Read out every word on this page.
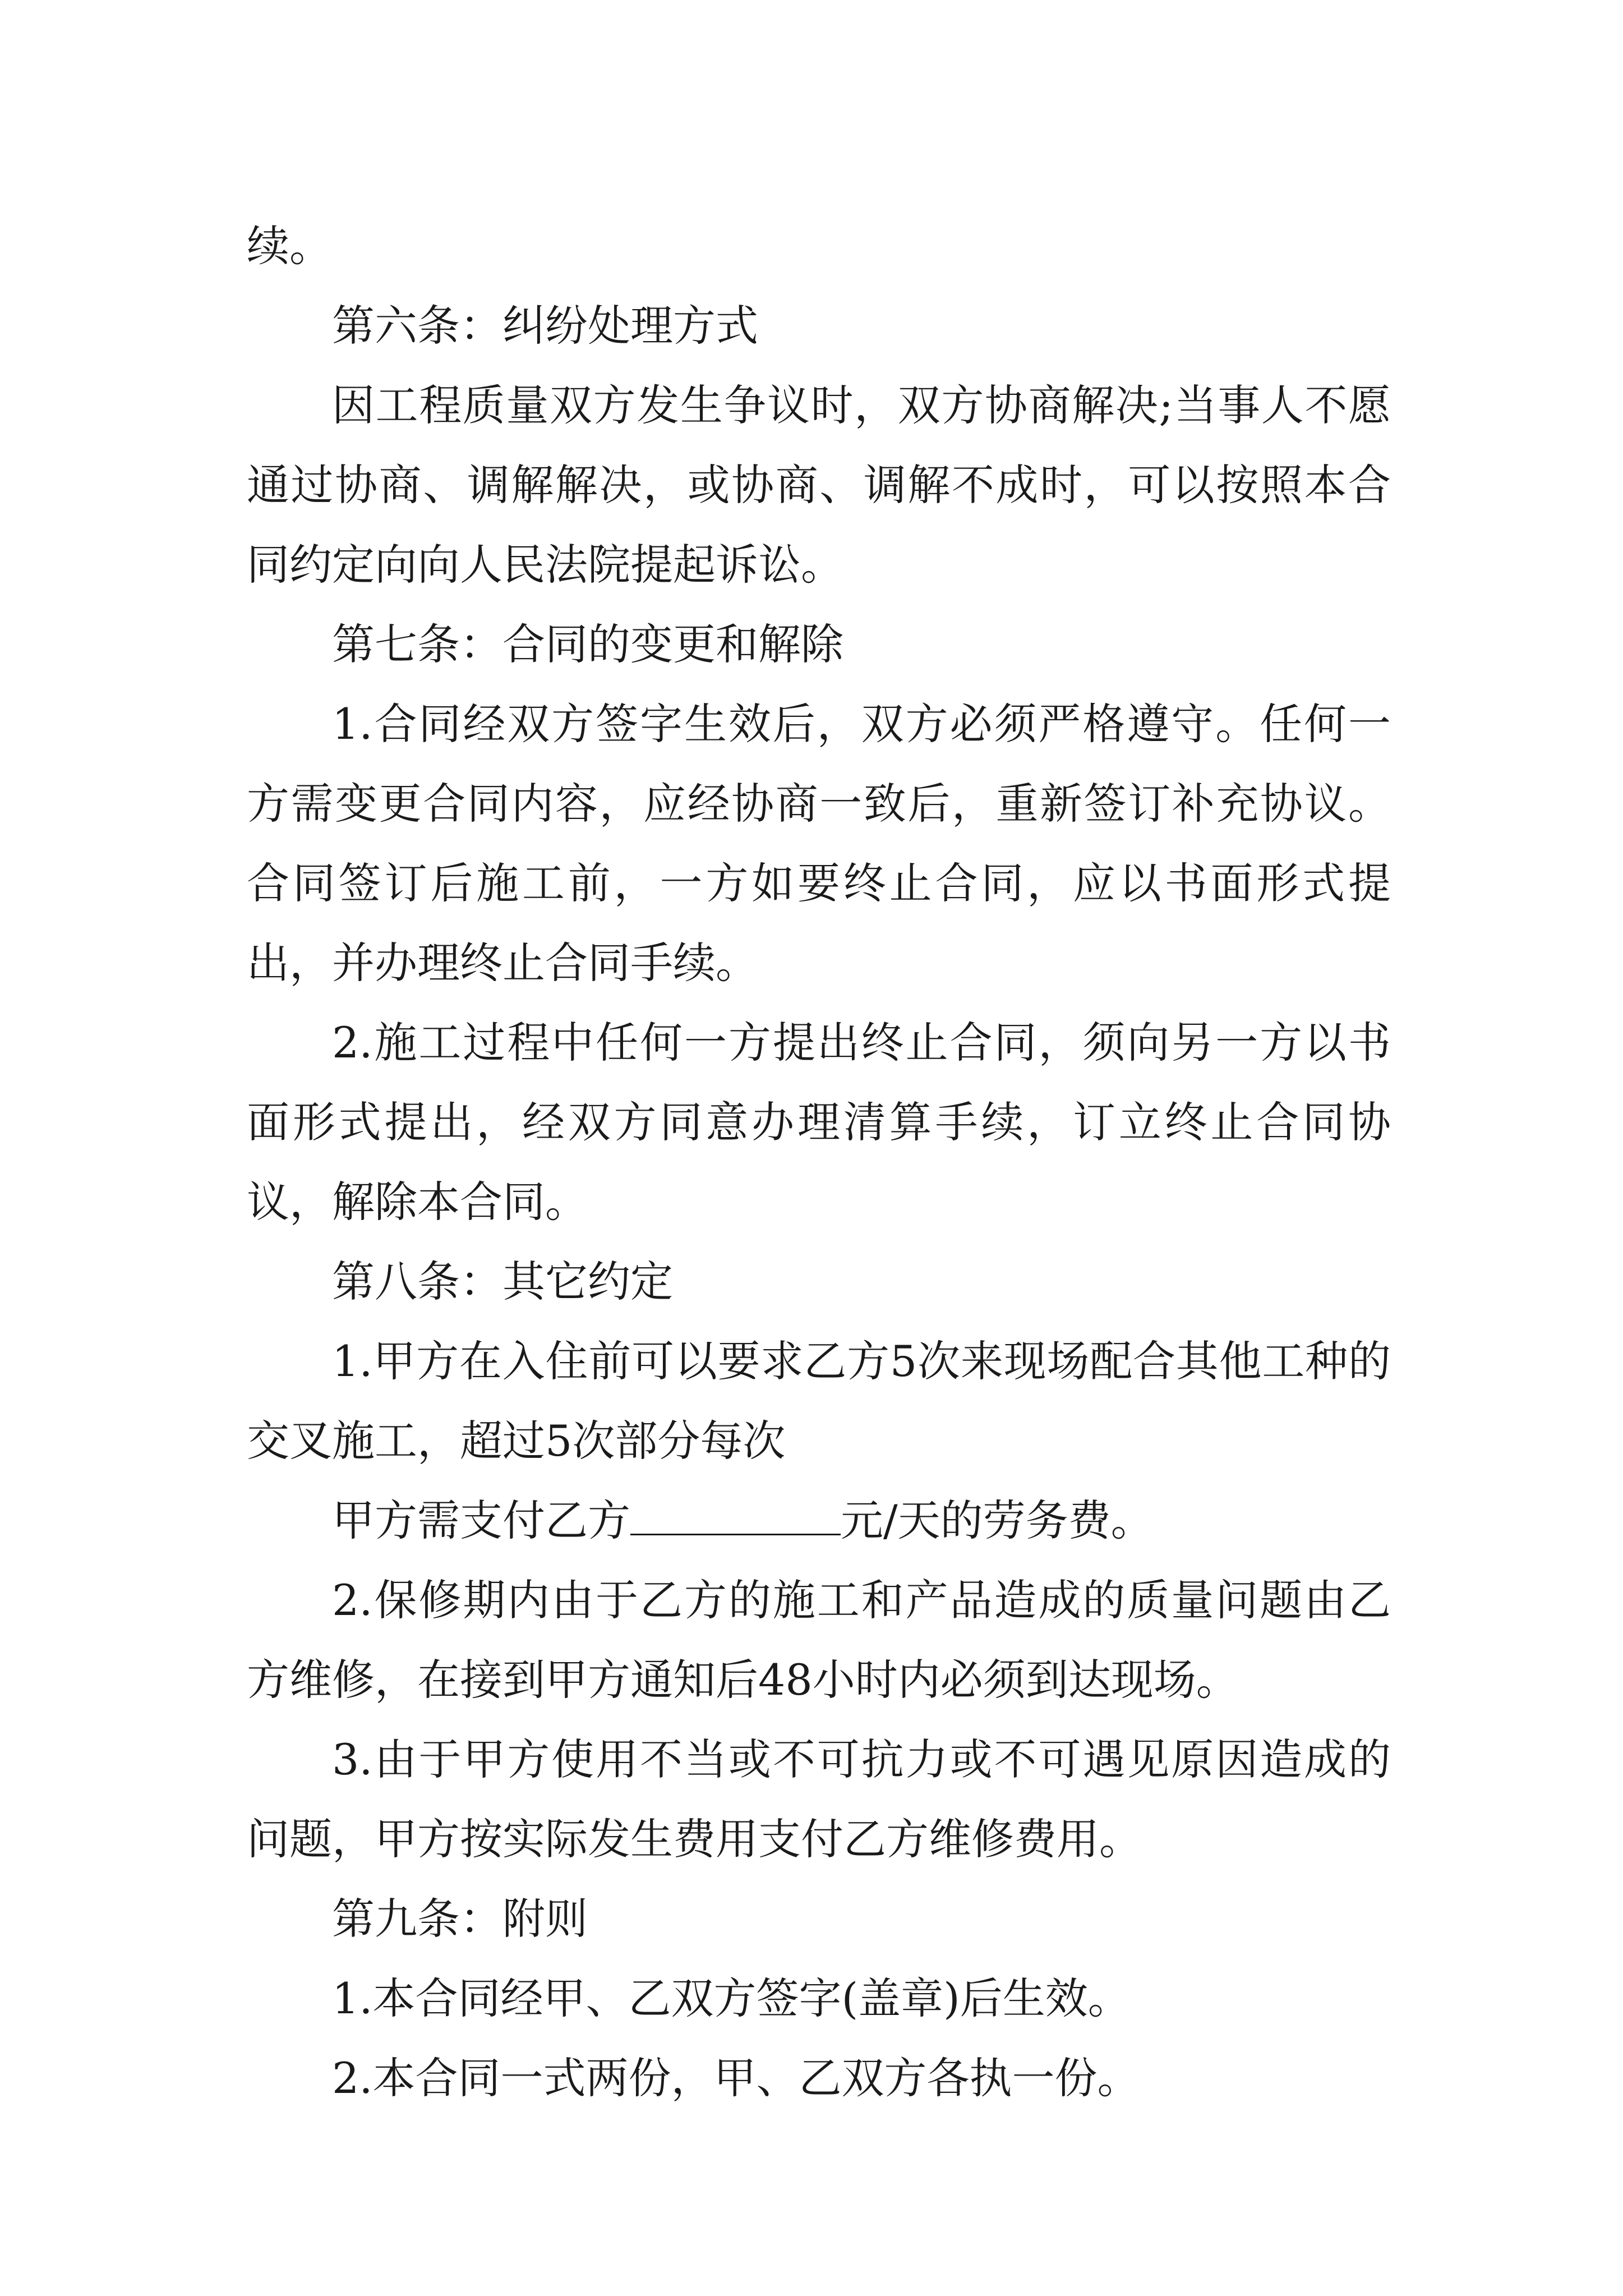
续。

第六条：纠纷处理方式

因工程质量双方发生争议时，双方协商解决;当事人不愿通过协商、调解解决，或协商、调解不成时，可以按照本合同约定向向人民法院提起诉讼。

第七条：合同的变更和解除

1.合同经双方签字生效后，双方必须严格遵守。任何一方需变更合同内容，应经协商一致后，重新签订补充协议。合同签订后施工前，一方如要终止合同，应以书面形式提出，并办理终止合同手续。

2.施工过程中任何一方提出终止合同，须向另一方以书面形式提出，经双方同意办理清算手续，订立终止合同协议，解除本合同。

第八条：其它约定

1.甲方在入住前可以要求乙方5次来现场配合其他工种的交叉施工，超过5次部分每次

甲方需支付乙方	元/天的劳务费。

2.保修期内由于乙方的施工和产品造成的质量问题由乙方维修，在接到甲方通知后48小时内必须到达现场。

3.由于甲方使用不当或不可抗力或不可遇见原因造成的问题，甲方按实际发生费用支付乙方维修费用。

第九条：附则

1.本合同经甲、乙双方签字(盖章)后生效。

2.本合同一式两份，甲、乙双方各执一份。
